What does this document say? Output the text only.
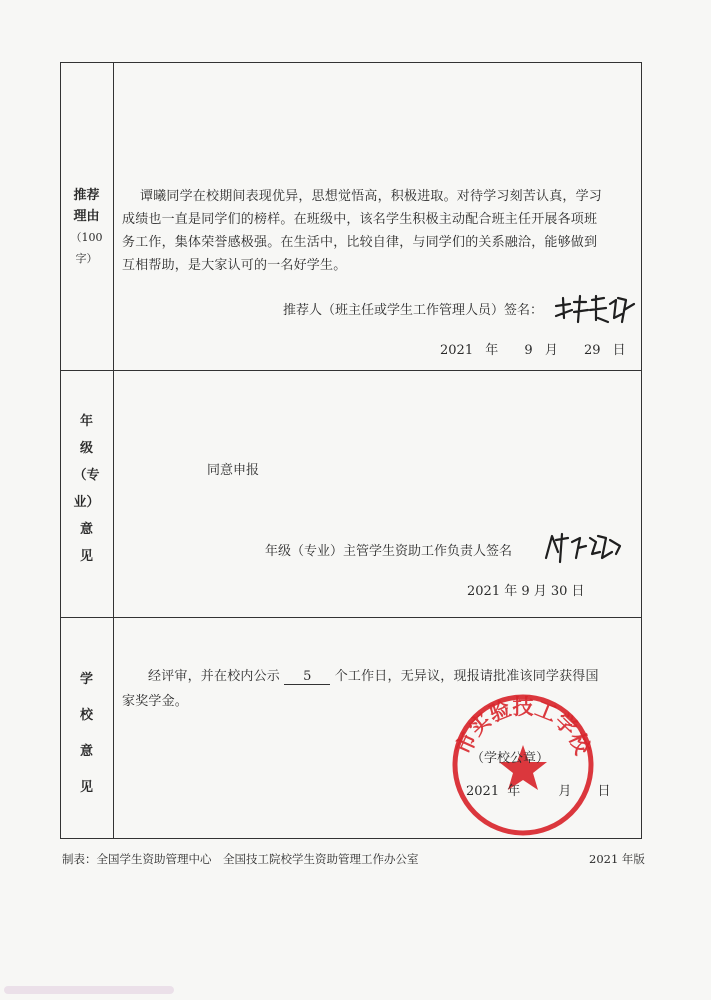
推荐
理由
（100
字）
谭曦同学在校期间表现优异，思想觉悟高，积极进取。对待学习刻苦认真，学习
成绩也一直是同学们的榜样。在班级中，该名学生积极主动配合班主任开展各项班
务工作，集体荣誉感极强。在生活中，比较自律，与同学们的关系融洽，能够做到
互相帮助，是大家认可的一名好学生。
推荐人（班主任或学生工作管理人员）签名：
2021 年 9 月 29 日
年
级
（专
业）
意
见
同意申报
年级（专业）主管学生资助工作负责人签名
2021 年 9 月 30 日
学
校
意
见
经评审，并在校内公示 5 个工作日，无异议，现报请批准该同学获得国
家奖学金。
市实验技工学校
（学校公章）
2021 年	月 日
制表：全国学生资助管理中心　全国技工院校学生资助管理工作办公室	2021 年版
